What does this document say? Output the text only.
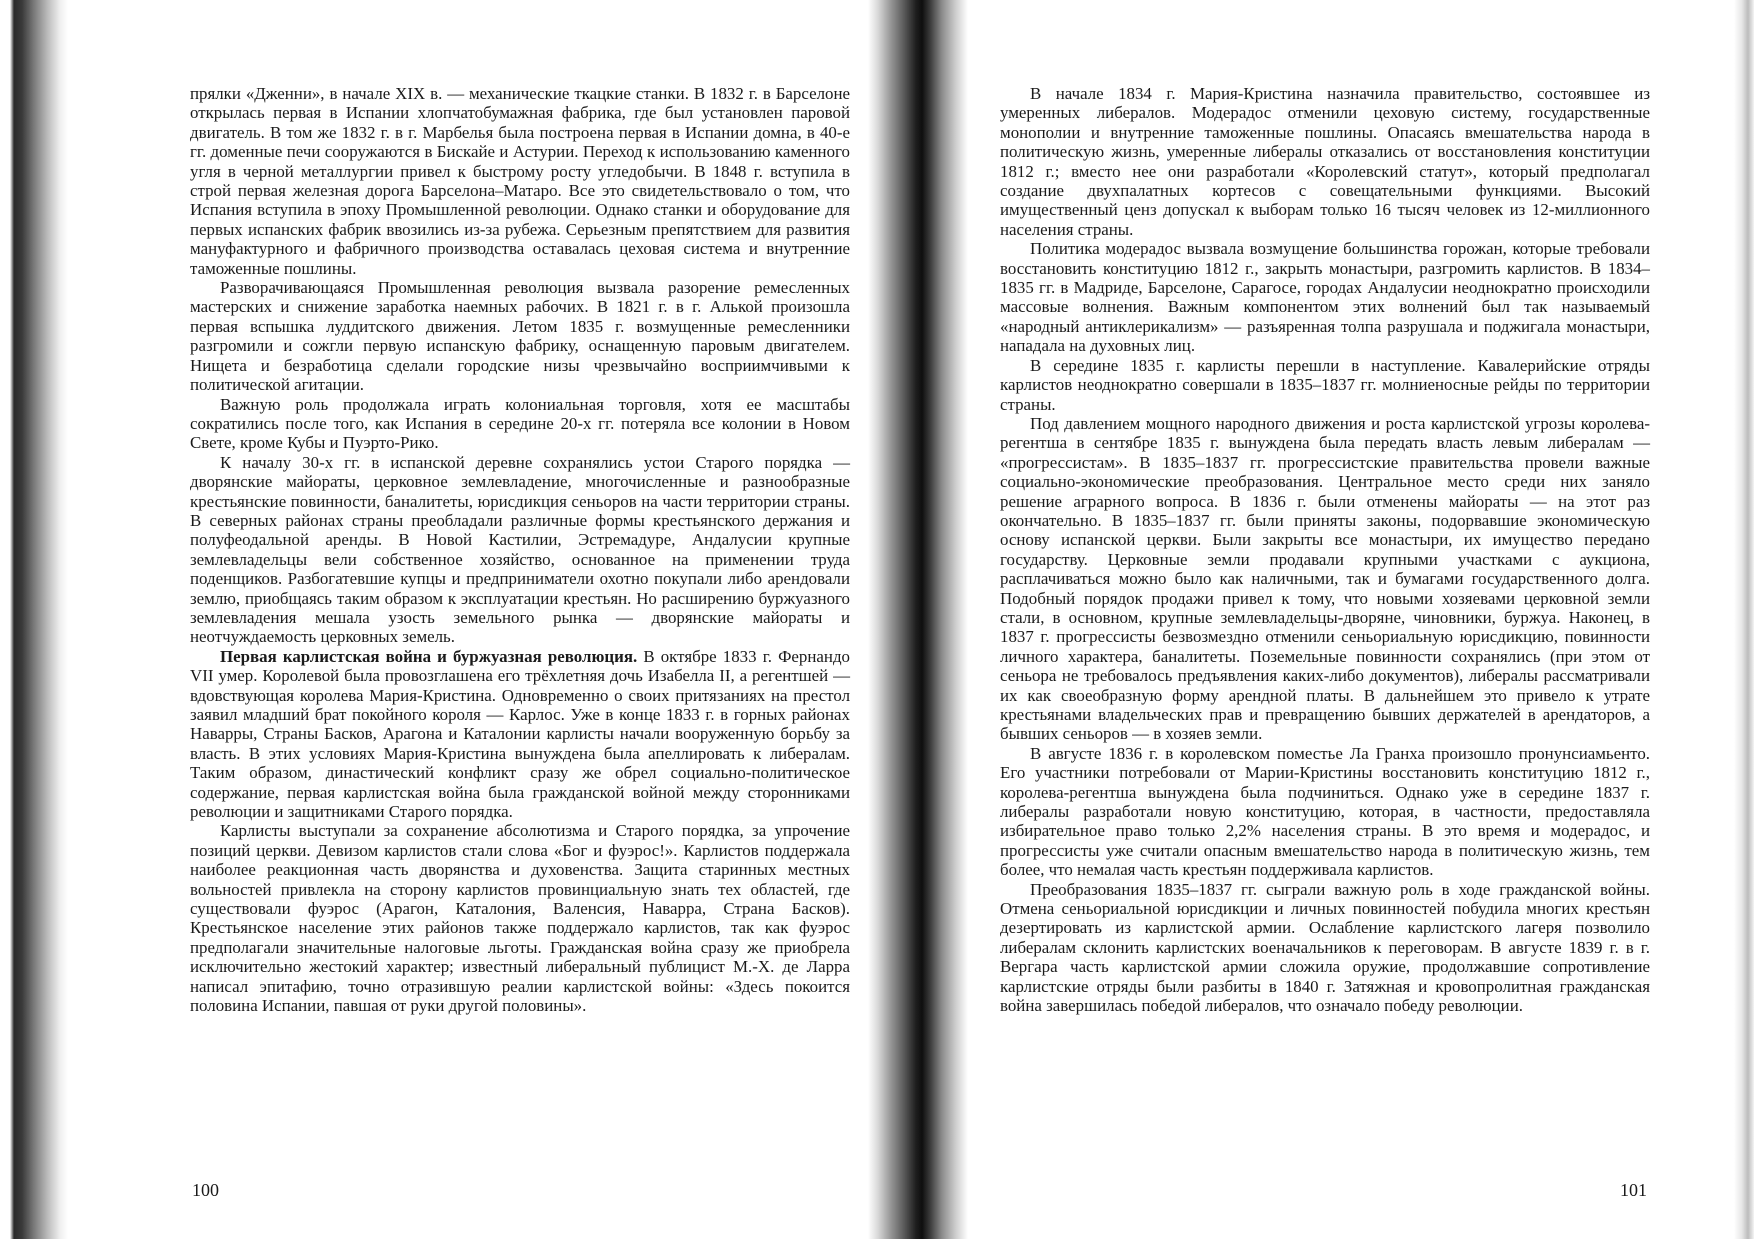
прялки «Дженни», в начале XIX в. — механические ткацкие станки. В 1832 г. в Барселоне открылась первая в Испании хлопчатобумажная фабрика, где был установлен паровой двигатель. В том же 1832 г. в г. Марбелья была построена первая в Испании домна, в 40-е гг. доменные печи сооружаются в Бискайе и Астурии. Переход к использованию каменного угля в черной металлургии привел к быстрому росту угледобычи. В 1848 г. вступила в строй первая железная дорога Барселона–Матаро. Все это свидетельствовало о том, что Испания вступила в эпоху Промышленной революции. Однако станки и оборудование для первых испанских фабрик ввозились из-за рубежа. Серьезным препятствием для развития мануфактурного и фабричного производства оставалась цеховая система и внутренние таможенные пошлины.

Разворачивающаяся Промышленная революция вызвала разорение ремесленных мастерских и снижение заработка наемных рабочих. В 1821 г. в г. Алькой произошла первая вспышка луддитского движения. Летом 1835 г. возмущенные ремесленники разгромили и сожгли первую испанскую фабрику, оснащенную паровым двигателем. Нищета и безработица сделали городские низы чрезвычайно восприимчивыми к политической агитации.

Важную роль продолжала играть колониальная торговля, хотя ее масштабы сократились после того, как Испания в середине 20-х гг. потеряла все колонии в Новом Свете, кроме Кубы и Пуэрто-Рико.

К началу 30-х гг. в испанской деревне сохранялись устои Старого порядка — дворянские майораты, церковное землевладение, многочисленные и разнообразные крестьянские повинности, баналитеты, юрисдикция сеньоров на части территории страны. В северных районах страны преобладали различные формы крестьянского держания и полуфеодальной аренды. В Новой Кастилии, Эстремадуре, Андалусии крупные землевладельцы вели собственное хозяйство, основанное на применении труда поденщиков. Разбогатевшие купцы и предприниматели охотно покупали либо арендовали землю, приобщаясь таким образом к эксплуатации крестьян. Но расширению буржуазного землевладения мешала узость земельного рынка — дворянские майораты и неотчуждаемость церковных земель.

Первая карлистская война и буржуазная революция. В октябре 1833 г. Фернандо VII умер. Королевой была провозглашена его трёхлетняя дочь Изабелла II, а регентшей — вдовствующая королева Мария-Кристина. Одновременно о своих притязаниях на престол заявил младший брат покойного короля — Карлос. Уже в конце 1833 г. в горных районах Наварры, Страны Басков, Арагона и Каталонии карлисты начали вооруженную борьбу за власть. В этих условиях Мария-Кристина вынуждена была апеллировать к либералам. Таким образом, династический конфликт сразу же обрел социально-политическое содержание, первая карлистская война была гражданской войной между сторонниками революции и защитниками Старого порядка.

Карлисты выступали за сохранение абсолютизма и Старого порядка, за упрочение позиций церкви. Девизом карлистов стали слова «Бог и фуэрос!». Карлистов поддержала наиболее реакционная часть дворянства и духовенства. Защита старинных местных вольностей привлекла на сторону карлистов провинциальную знать тех областей, где существовали фуэрос (Арагон, Каталония, Валенсия, Наварра, Страна Басков). Крестьянское население этих районов также поддержало карлистов, так как фуэрос предполагали значительные налоговые льготы. Гражданская война сразу же приобрела исключительно жестокий характер; известный либеральный публицист М.-Х. де Ларра написал эпитафию, точно отразившую реалии карлистской войны: «Здесь покоится половина Испании, павшая от руки другой половины».

100

В начале 1834 г. Мария-Кристина назначила правительство, состоявшее из умеренных либералов. Модерадос отменили цеховую систему, государственные монополии и внутренние таможенные пошлины. Опасаясь вмешательства народа в политическую жизнь, умеренные либералы отказались от восстановления конституции 1812 г.; вместо нее они разработали «Королевский статут», который предполагал создание двухпалатных кортесов с совещательными функциями. Высокий имущественный ценз допускал к выборам только 16 тысяч человек из 12-миллионного населения страны.

Политика модерадос вызвала возмущение большинства горожан, которые требовали восстановить конституцию 1812 г., закрыть монастыри, разгромить карлистов. В 1834–1835 гг. в Мадриде, Барселоне, Сарагосе, городах Андалусии неоднократно происходили массовые волнения. Важным компонентом этих волнений был так называемый «народный антиклерикализм» — разъяренная толпа разрушала и поджигала монастыри, нападала на духовных лиц.

В середине 1835 г. карлисты перешли в наступление. Кавалерийские отряды карлистов неоднократно совершали в 1835–1837 гг. молниеносные рейды по территории страны.

Под давлением мощного народного движения и роста карлистской угрозы королева-регентша в сентябре 1835 г. вынуждена была передать власть левым либералам — «прогрессистам». В 1835–1837 гг. прогрессистские правительства провели важные социально-экономические преобразования. Центральное место среди них заняло решение аграрного вопроса. В 1836 г. были отменены майораты — на этот раз окончательно. В 1835–1837 гг. были приняты законы, подорвавшие экономическую основу испанской церкви. Были закрыты все монастыри, их имущество передано государству. Церковные земли продавали крупными участками с аукциона, расплачиваться можно было как наличными, так и бумагами государственного долга. Подобный порядок продажи привел к тому, что новыми хозяевами церковной земли стали, в основном, крупные землевладельцы-дворяне, чиновники, буржуа. Наконец, в 1837 г. прогрессисты безвозмездно отменили сеньориальную юрисдикцию, повинности личного характера, баналитеты. Поземельные повинности сохранялись (при этом от сеньора не требовалось предъявления каких-либо документов), либералы рассматривали их как своеобразную форму арендной платы. В дальнейшем это привело к утрате крестьянами владельческих прав и превращению бывших держателей в арендаторов, а бывших сеньоров — в хозяев земли.

В августе 1836 г. в королевском поместье Ла Гранха произошло пронунсиамьенто. Его участники потребовали от Марии-Кристины восстановить конституцию 1812 г., королева-регентша вынуждена была подчиниться. Однако уже в середине 1837 г. либералы разработали новую конституцию, которая, в частности, предоставляла избирательное право только 2,2% населения страны. В это время и модерадос, и прогрессисты уже считали опасным вмешательство народа в политическую жизнь, тем более, что немалая часть крестьян поддерживала карлистов.

Преобразования 1835–1837 гг. сыграли важную роль в ходе гражданской войны. Отмена сеньориальной юрисдикции и личных повинностей побудила многих крестьян дезертировать из карлистской армии. Ослабление карлистского лагеря позволило либералам склонить карлистских военачальников к переговорам. В августе 1839 г. в г. Вергара часть карлистской армии сложила оружие, продолжавшие сопротивление карлистские отряды были разбиты в 1840 г. Затяжная и кровопролитная гражданская война завершилась победой либералов, что означало победу революции.

101
